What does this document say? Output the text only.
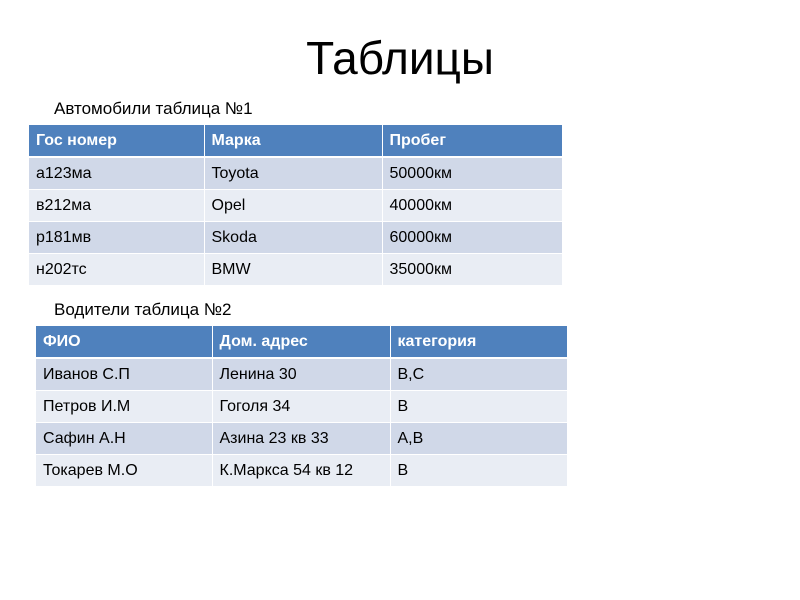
Таблицы
Автомобили таблица №1
Гос номер	Марка	Пробег
а123ма	Toyota	50000км
в212ма	Opel	40000км
р181мв	Skoda	60000км
н202тс	BMW	35000км
Водители таблица №2
ФИО	Дом. адрес	категория
Иванов С.П	Ленина 30	В,С
Петров И.М	Гоголя 34	В
Сафин А.Н	Азина 23 кв 33	А,В
Токарев М.О	К.Маркса 54 кв 12	В
